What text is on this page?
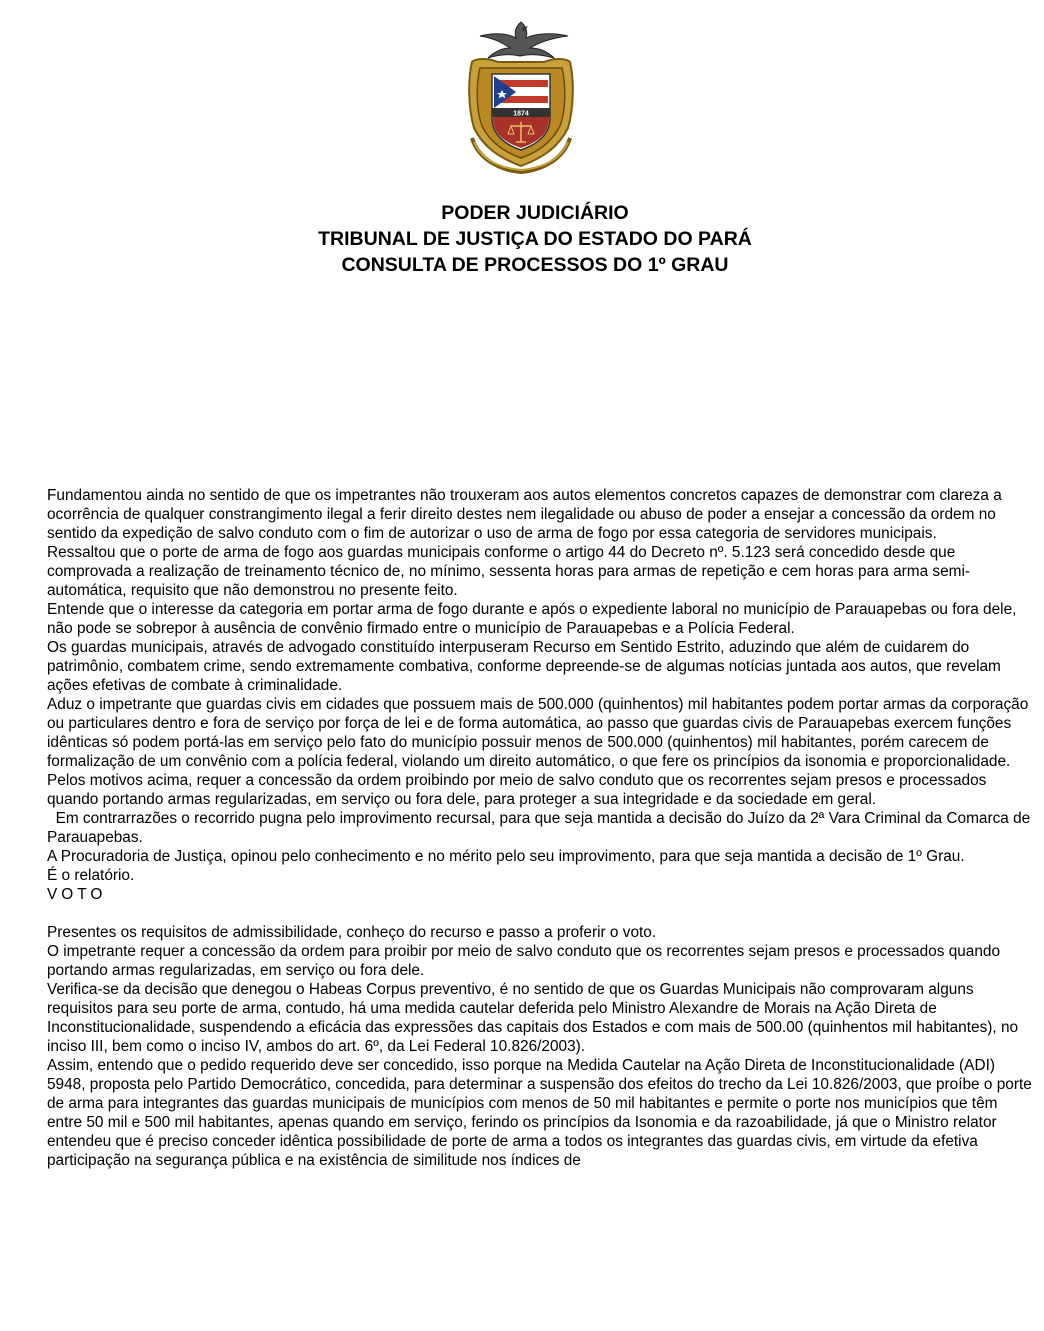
1874
PODER JUDICIÁRIO
TRIBUNAL DE JUSTIÇA DO ESTADO DO PARÁ
CONSULTA DE PROCESSOS DO 1º GRAU

Fundamentou ainda no sentido de que os impetrantes não trouxeram aos autos elementos concretos capazes de demonstrar com clareza a ocorrência de qualquer constrangimento ilegal a ferir direito destes nem ilegalidade ou abuso de poder a ensejar a concessão da ordem no sentido da expedição de salvo conduto com o fim de autorizar o uso de arma de fogo por essa categoria de servidores municipais.

Ressaltou que o porte de arma de fogo aos guardas municipais conforme o artigo 44 do Decreto nº. 5.123 será concedido desde que comprovada a realização de treinamento técnico de, no mínimo, sessenta horas para armas de repetição e cem horas para arma semi-automática, requisito que não demonstrou no presente feito.

Entende que o interesse da categoria em portar arma de fogo durante e após o expediente laboral no município de Parauapebas ou fora dele, não pode se sobrepor à ausência de convênio firmado entre o município de Parauapebas e a Polícia Federal.

Os guardas municipais, através de advogado constituído interpuseram Recurso em Sentido Estrito, aduzindo que além de cuidarem do patrimônio, combatem crime, sendo extremamente combativa, conforme depreende-se de algumas notícias juntada aos autos, que revelam ações efetivas de combate à criminalidade.

Aduz o impetrante que guardas civis em cidades que possuem mais de 500.000 (quinhentos) mil habitantes podem portar armas da corporação ou particulares dentro e fora de serviço por força de lei e de forma automática, ao passo que guardas civis de Parauapebas exercem funções idênticas só podem portá-las em serviço pelo fato do município possuir menos de 500.000 (quinhentos) mil habitantes, porém carecem de formalização de um convênio com a polícia federal, violando um direito automático, o que fere os princípios da isonomia e proporcionalidade.

Pelos motivos acima, requer a concessão da ordem proibindo por meio de salvo conduto que os recorrentes sejam presos e processados quando portando armas regularizadas, em serviço ou fora dele, para proteger a sua integridade e da sociedade em geral.

Em contrarrazões o recorrido pugna pelo improvimento recursal, para que seja mantida a decisão do Juízo da 2ª Vara Criminal da Comarca de Parauapebas.

A Procuradoria de Justiça, opinou pelo conhecimento e no mérito pelo seu improvimento, para que seja mantida a decisão de 1º Grau.

É o relatório.

VOTO

Presentes os requisitos de admissibilidade, conheço do recurso e passo a proferir o voto.

O impetrante requer a concessão da ordem para proibir por meio de salvo conduto que os recorrentes sejam presos e processados quando portando armas regularizadas, em serviço ou fora dele.

Verifica-se da decisão que denegou o Habeas Corpus preventivo, é no sentido de que os Guardas Municipais não comprovaram alguns requisitos para seu porte de arma, contudo, há uma medida cautelar deferida pelo Ministro Alexandre de Morais na Ação Direta de Inconstitucionalidade, suspendendo a eficácia das expressões das capitais dos Estados e com mais de 500.00 (quinhentos mil habitantes), no inciso III, bem como o inciso IV, ambos do art. 6º, da Lei Federal 10.826/2003).

Assim, entendo que o pedido requerido deve ser concedido, isso porque na Medida Cautelar na Ação Direta de Inconstitucionalidade (ADI) 5948, proposta pelo Partido Democrático, concedida, para determinar a suspensão dos efeitos do trecho da Lei 10.826/2003, que proíbe o porte de arma para integrantes das guardas municipais de municípios com menos de 50 mil habitantes e permite o porte nos municípios que têm entre 50 mil e 500 mil habitantes, apenas quando em serviço, ferindo os princípios da Isonomia e da razoabilidade, já que o Ministro relator entendeu que é preciso conceder idêntica possibilidade de porte de arma a todos os integrantes das guardas civis, em virtude da efetiva participação na segurança pública e na existência de similitude nos índices de
